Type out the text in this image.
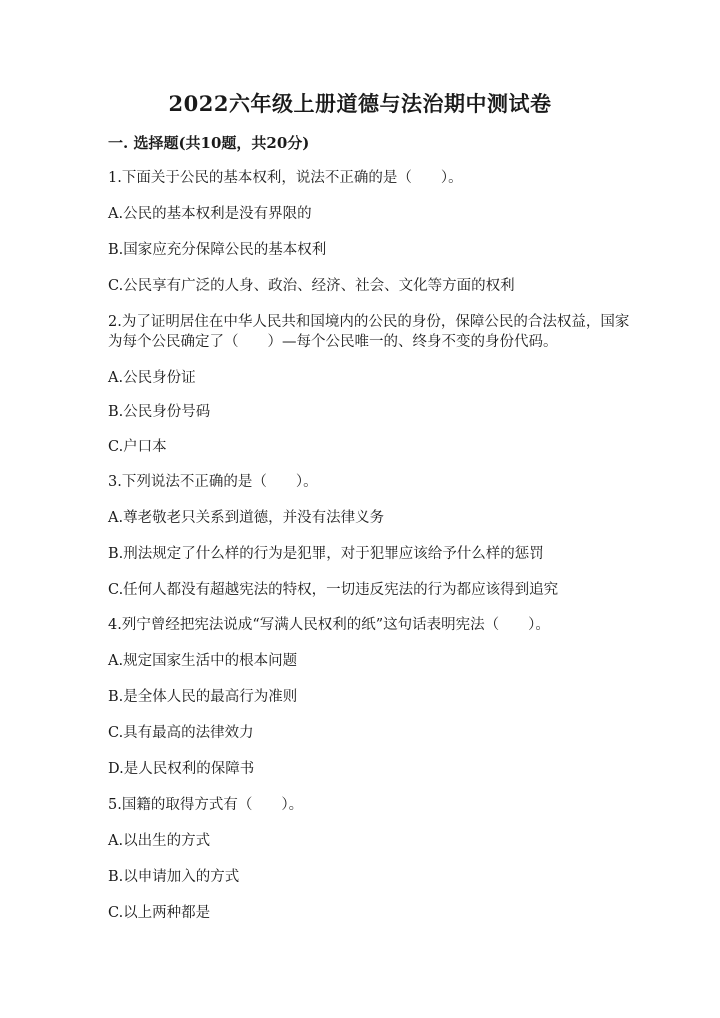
2022六年级上册道德与法治期中测试卷
一. 选择题(共10题，共20分)
1.下面关于公民的基本权利，说法不正确的是（　　）。
A.公民的基本权利是没有界限的
B.国家应充分保障公民的基本权利
C.公民享有广泛的人身、政治、经济、社会、文化等方面的权利
2.为了证明居住在中华人民共和国境内的公民的身份，保障公民的合法权益，国家为每个公民确定了（　　）—每个公民唯一的、终身不变的身份代码。
A.公民身份证
B.公民身份号码
C.户口本
3.下列说法不正确的是（　　）。
A.尊老敬老只关系到道德，并没有法律义务
B.刑法规定了什么样的行为是犯罪，对于犯罪应该给予什么样的惩罚
C.任何人都没有超越宪法的特权，一切违反宪法的行为都应该得到追究
4.列宁曾经把宪法说成“写满人民权利的纸”这句话表明宪法（　　）。
A.规定国家生活中的根本问题
B.是全体人民的最高行为准则
C.具有最高的法律效力
D.是人民权利的保障书
5.国籍的取得方式有（　　）。
A.以出生的方式
B.以申请加入的方式
C.以上两种都是
